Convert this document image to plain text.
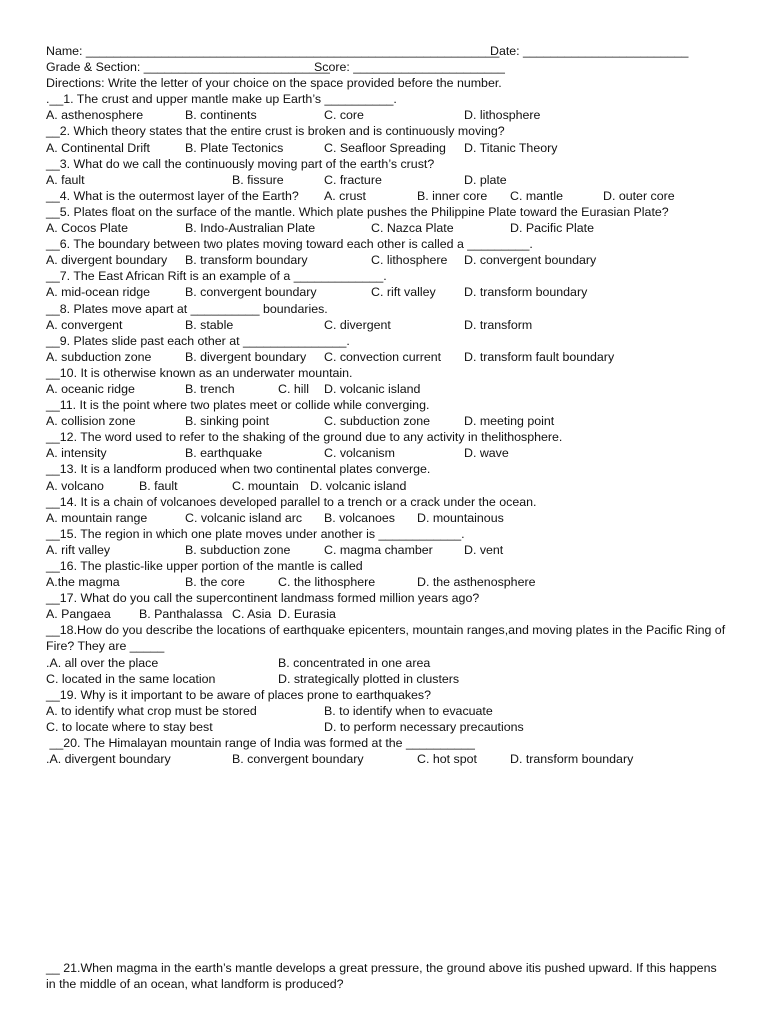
Name: ____________________________________________________________
Date: ________________________
Grade & Section: ___________________________
Score: ______________________
Directions: Write the letter of your choice on the space provided before the number.
.__1. The crust and upper mantle make up Earth’s __________.
A. asthenosphere	B. continents	C. core	D. lithosphere
__2. Which theory states that the entire crust is broken and is continuously moving?
A. Continental Drift	B. Plate Tectonics	C. Seafloor Spreading D. Titanic Theory
__3. What do we call the continuously moving part of the earth’s crust?
A. fault	B. fissure	C. fracture	D. plate
__4. What is the outermost layer of the Earth? A. crust	B. inner core C. mantle	D. outer core
__5. Plates float on the surface of the mantle. Which plate pushes the Philippine Plate toward the Eurasian Plate?
A. Cocos Plate	B. Indo-Australian Plate	C. Nazca Plate	D. Pacific Plate
__6. The boundary between two plates moving toward each other is called a _________.
A. divergent boundary B. transform boundary	C. lithosphere D. convergent boundary
__7. The East African Rift is an example of a _____________.
A. mid-ocean ridge	B. convergent boundary	C. rift valley D. transform boundary
__8. Plates move apart at __________ boundaries.
A. convergent	B. stable	C. divergent	D. transform
__9. Plates slide past each other at _______________.
A. subduction zone	B. divergent boundary C. convection current D. transform fault boundary
__10. It is otherwise known as an underwater mountain.
A. oceanic ridge	B. trench	C. hill D. volcanic island
__11. It is the point where two plates meet or collide while converging.
A. collision zone	B. sinking point	C. subduction zone	D. meeting point
__12. The word used to refer to the shaking of the ground due to any activity in thelithosphere.
A. intensity	B. earthquake	C. volcanism	D. wave
__13. It is a landform produced when two continental plates converge.
A. volcano	B. fault	C. mountain D. volcanic island
__14. It is a chain of volcanoes developed parallel to a trench or a crack under the ocean.
A. mountain range	C. volcanic island arc B. volcanoes D. mountainous
__15. The region in which one plate moves under another is ____________.
A. rift valley	B. subduction zone	C. magma chamber	D. vent
__16. The plastic-like upper portion of the mantle is called
A.the magma	B. the core	C. the lithosphere	D. the asthenosphere
__17. What do you call the supercontinent landmass formed million years ago?
A. Pangaea B. Panthalassa C. Asia D. Eurasia
__18.How do you describe the locations of earthquake epicenters, mountain ranges,and moving plates in the Pacific Ring of Fire? They are _____
.A. all over the place	B. concentrated in one area
C. located in the same location	D. strategically plotted in clusters
__19. Why is it important to be aware of places prone to earthquakes?
A. to identify what crop must be stored	B. to identify when to evacuate
C. to locate where to stay best	D. to perform necessary precautions
__20. The Himalayan mountain range of India was formed at the __________
.A. divergent boundary	B. convergent boundary	C. hot spot	D. transform boundary
__ 21.When magma in the earth’s mantle develops a great pressure, the ground above itis pushed upward. If this happens in the middle of an ocean, what landform is produced?
